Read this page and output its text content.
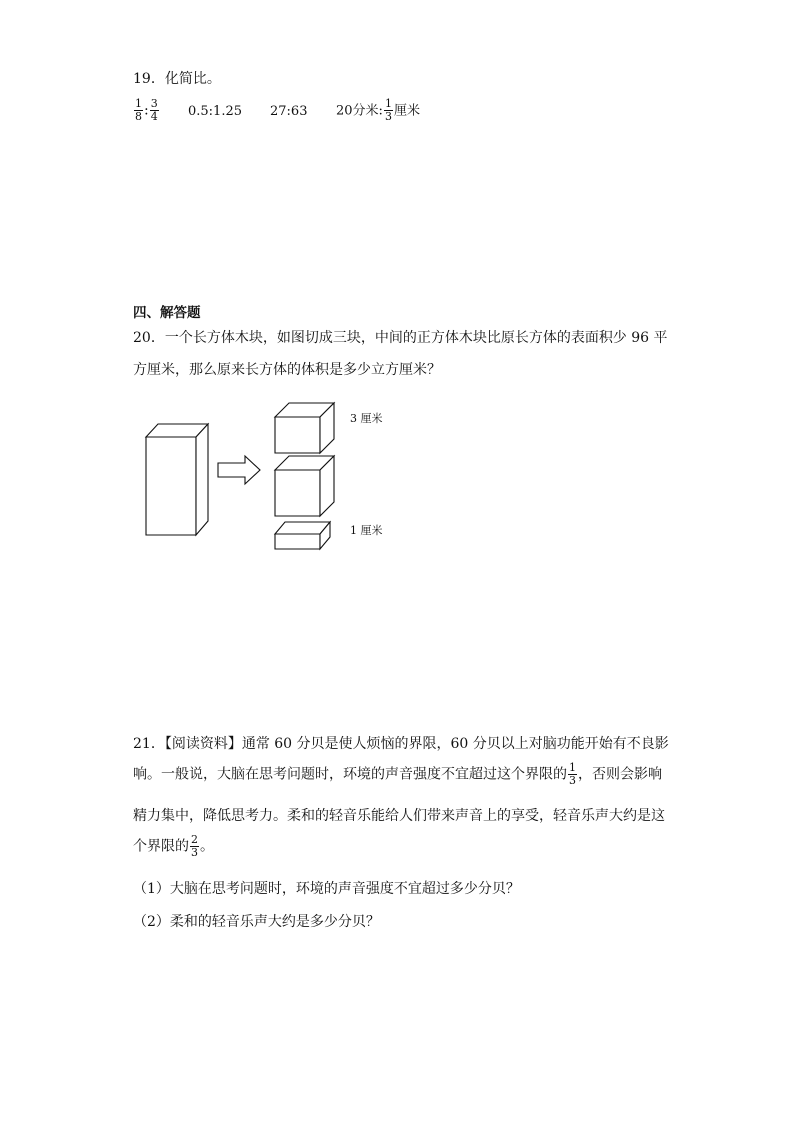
19．化简比。
$\frac{1}{8}$ : $\frac{3}{4}$ 0.5:1.25 27:63 20分米: $\frac{1}{3}$ 厘米
四、解答题
20．一个长方体木块，如图切成三块，中间的正方体木块比原长方体的表面积少 96 平
方厘米，那么原来长方体的体积是多少立方厘米？
3 厘米
1 厘米
21．【阅读资料】通常 60 分贝是使人烦恼的界限，60 分贝以上对脑功能开始有不良影
响。一般说，大脑在思考问题时，环境的声音强度不宜超过这个界限的 $\frac{1}{3}$ ，否则会影响
精力集中，降低思考力。柔和的轻音乐能给人们带来声音上的享受，轻音乐声大约是这
个界限的 $\frac{2}{3}$ 。
（1）大脑在思考问题时，环境的声音强度不宜超过多少分贝？
（2）柔和的轻音乐声大约是多少分贝？
